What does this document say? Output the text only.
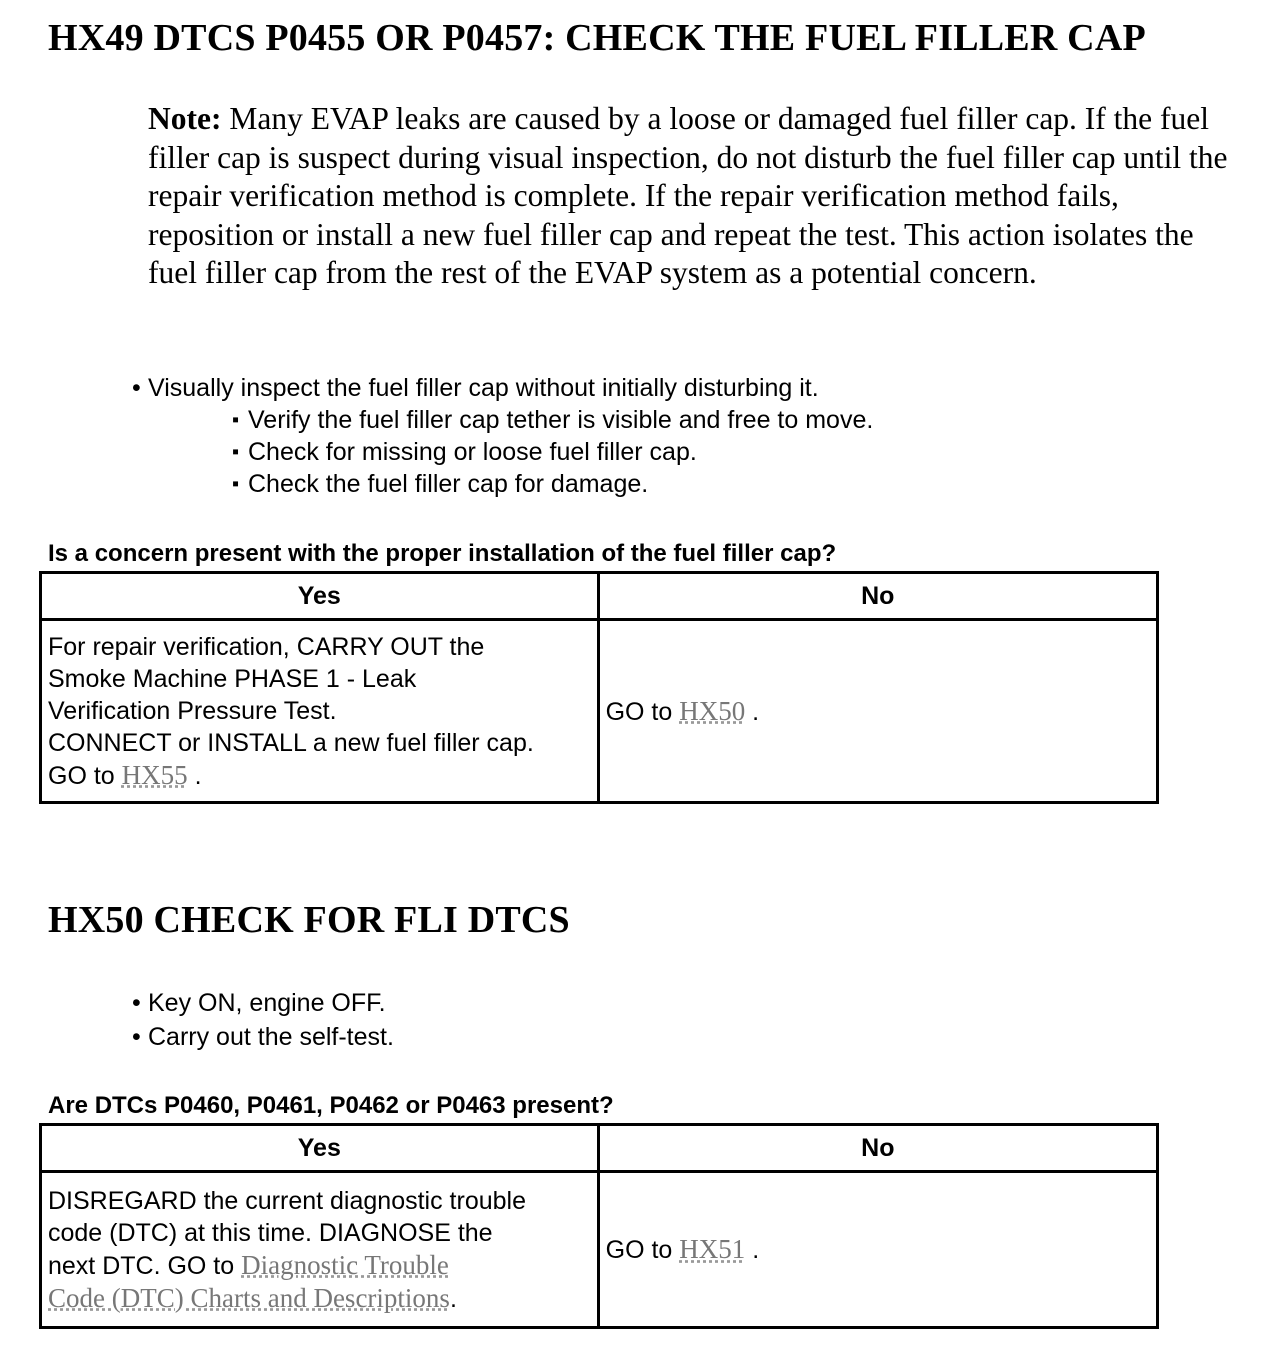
HX49 DTCS P0455 OR P0457: CHECK THE FUEL FILLER CAP
Note: Many EVAP leaks are caused by a loose or damaged fuel filler cap. If the fuel filler cap is suspect during visual inspection, do not disturb the fuel filler cap until the repair verification method is complete. If the repair verification method fails, reposition or install a new fuel filler cap and repeat the test. This action isolates the fuel filler cap from the rest of the EVAP system as a potential concern.
• Visually inspect the fuel filler cap without initially disturbing it.
▪ Verify the fuel filler cap tether is visible and free to move.
▪ Check for missing or loose fuel filler cap.
▪ Check the fuel filler cap for damage.
Is a concern present with the proper installation of the fuel filler cap?
Yes	No

For repair verification, CARRY OUT the
Smoke Machine PHASE 1 - Leak
Verification Pressure Test.
CONNECT or INSTALL a new fuel filler cap.
GO to HX55 .	GO to HX50 .
HX50 CHECK FOR FLI DTCS
• Key ON, engine OFF.
• Carry out the self-test.
Are DTCs P0460, P0461, P0462 or P0463 present?
Yes	No

DISREGARD the current diagnostic trouble
code (DTC) at this time. DIAGNOSE the
next DTC. GO to Diagnostic Trouble
Code (DTC) Charts and Descriptions.	GO to HX51 .
